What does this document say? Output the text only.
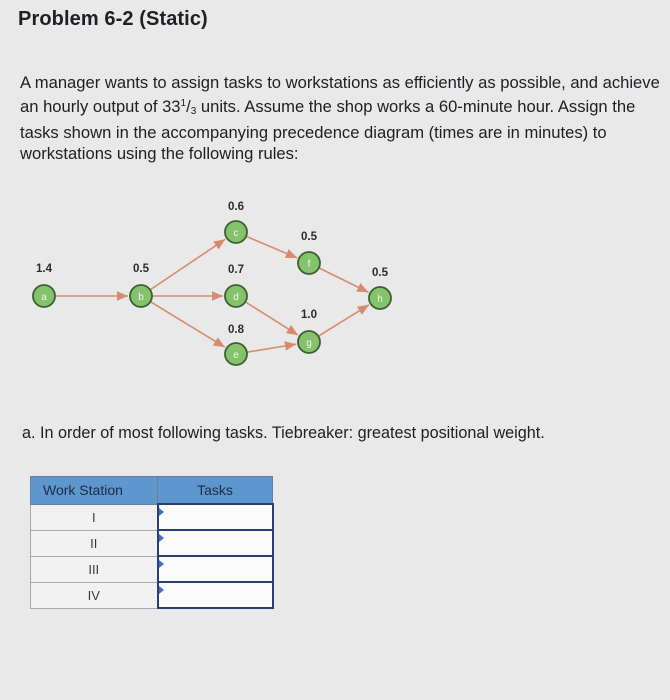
Problem 6-2 (Static)
A manager wants to assign tasks to workstations as efficiently as possible, and achieve an hourly output of $33^1/_3$ units. Assume the shop works a 60-minute hour. Assign the tasks shown in the accompanying precedence diagram (times are in minutes) to workstations using the following rules:
a
1.4
b
0.5
c
0.6
d
0.7
e
0.8
f
0.5
g
1.0
h
0.5
a. In order of most following tasks. Tiebreaker: greatest positional weight.
Work Station	Tasks
I	

II	

III	

IV	
